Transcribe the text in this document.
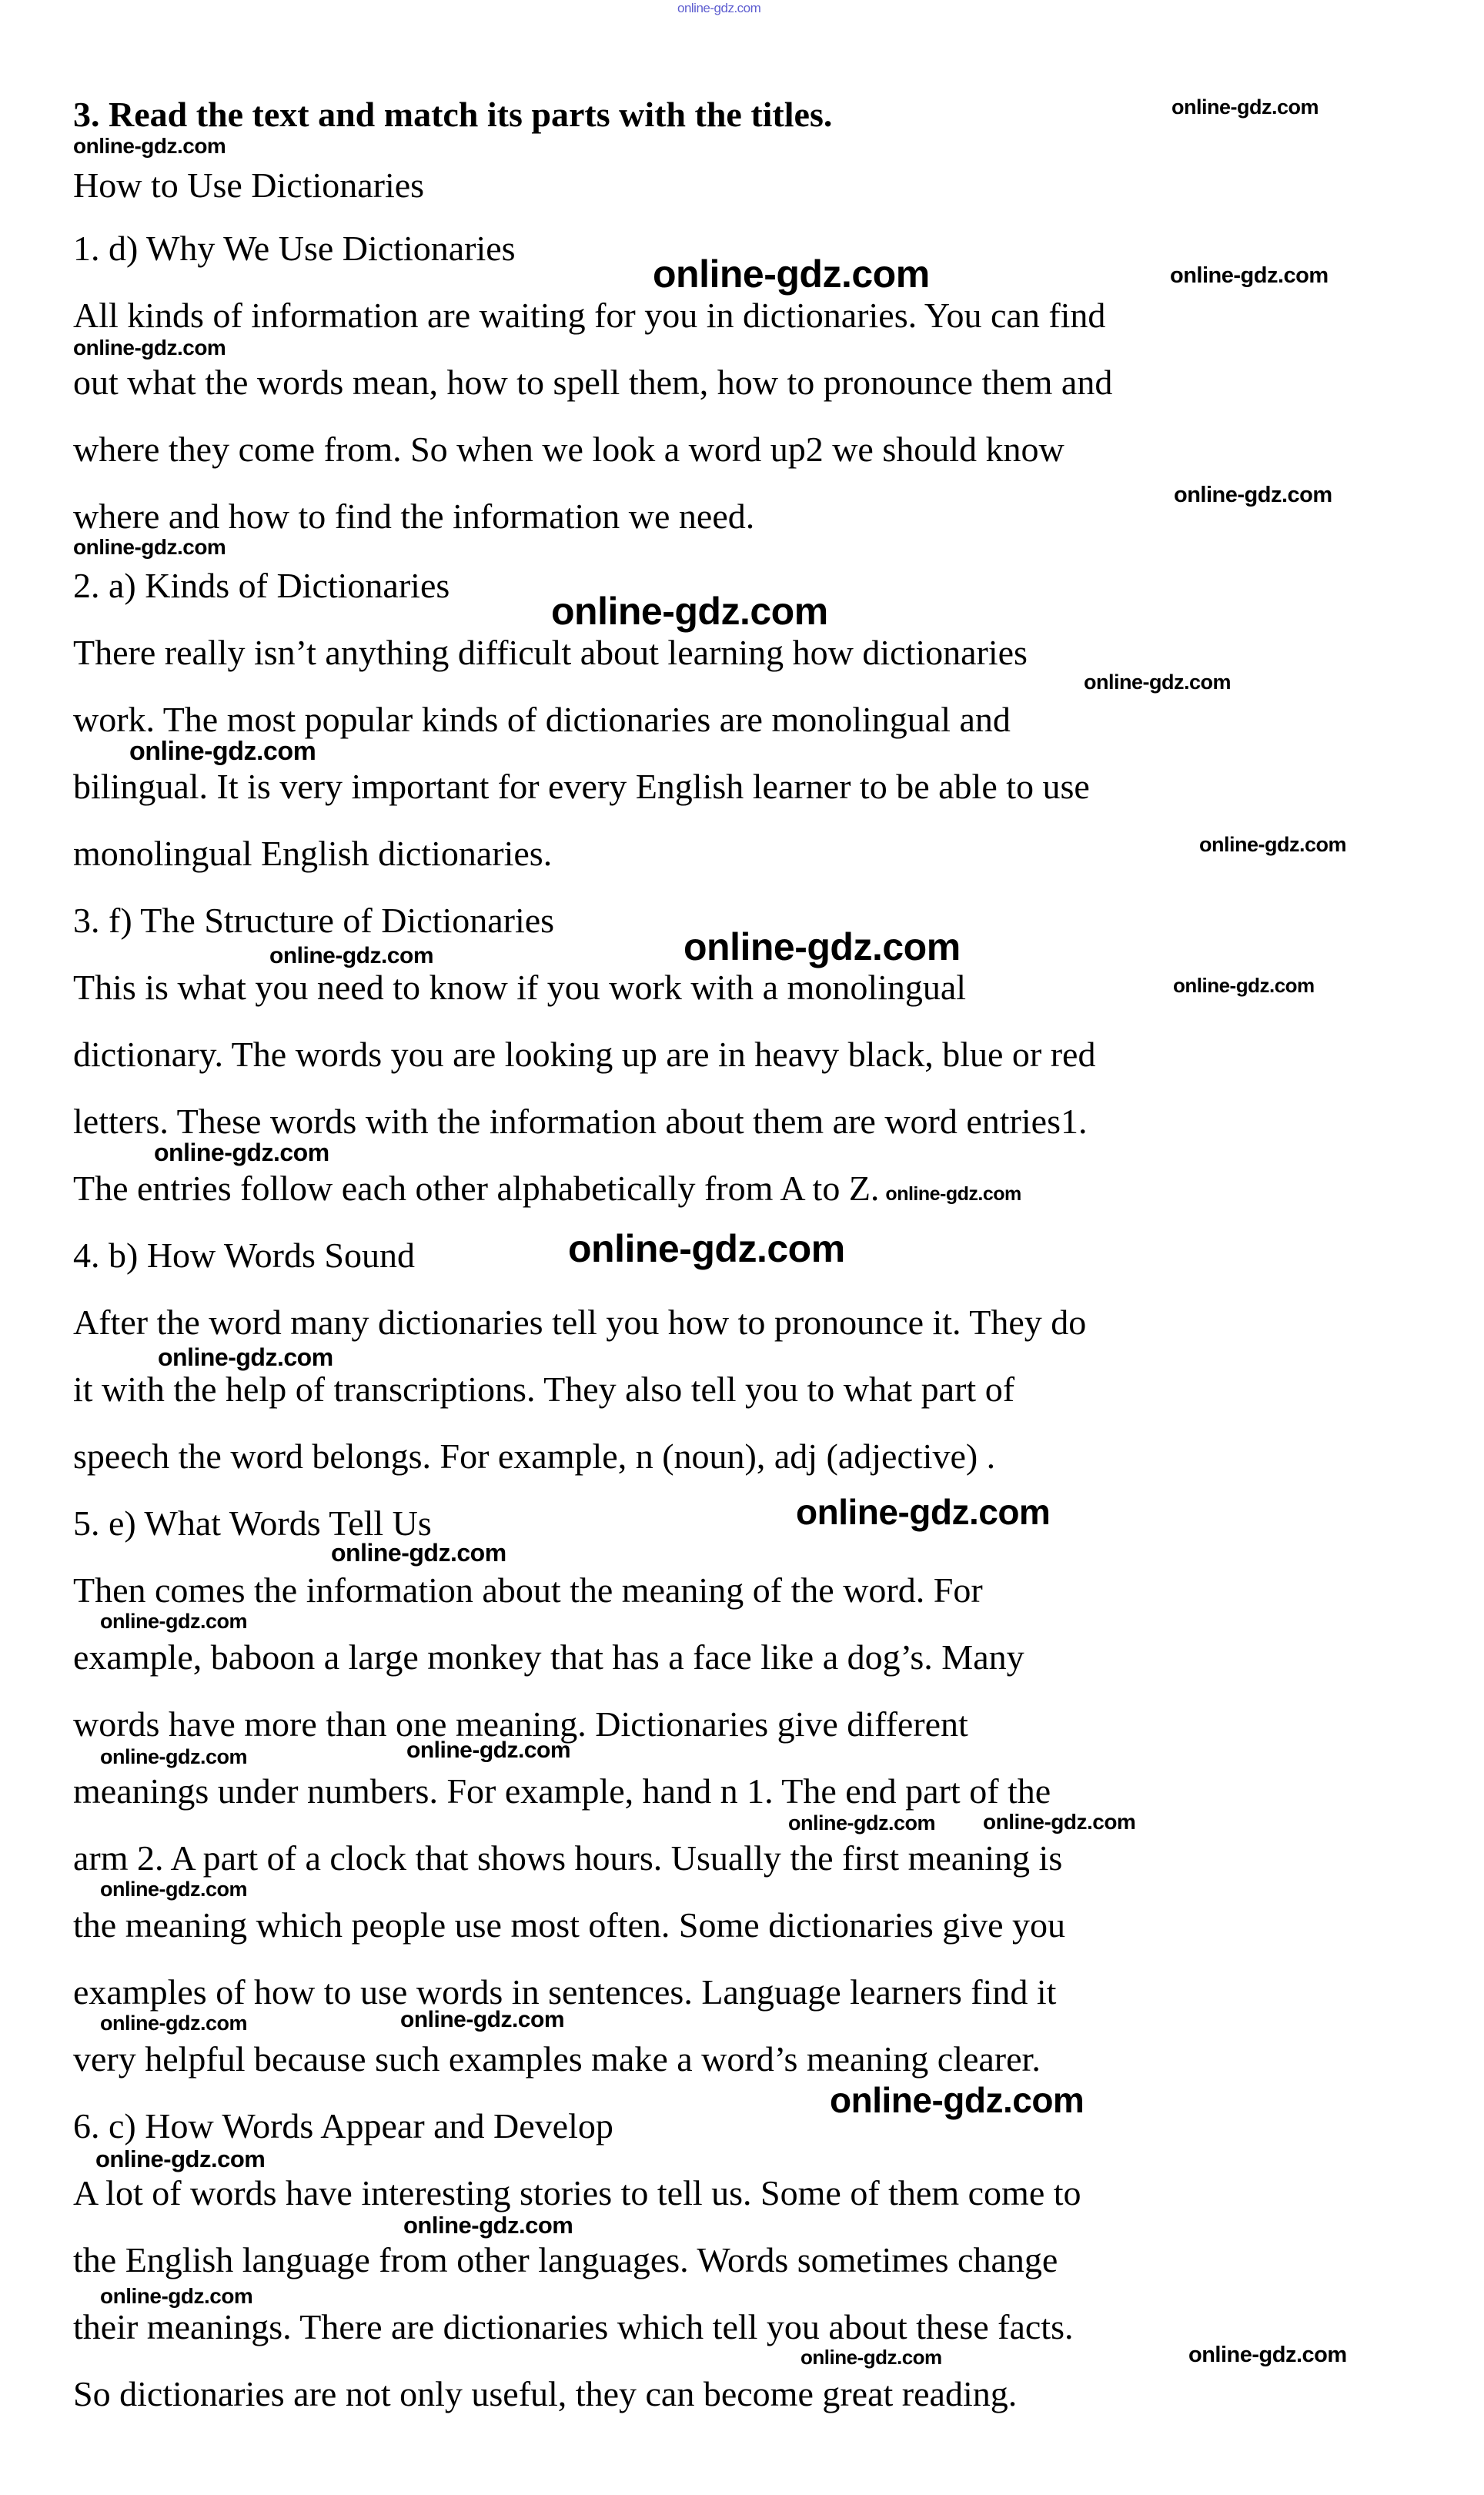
3. Read the text and match its parts with the titles.
How to Use Dictionaries
1. d) Why We Use Dictionaries
All kinds of information are waiting for you in dictionaries. You can find
out what the words mean, how to spell them, how to pronounce them and
where they come from. So when we look a word up2 we should know
where and how to find the information we need.
2. a) Kinds of Dictionaries
There really isn’t anything difficult about learning how dictionaries
work. The most popular kinds of dictionaries are monolingual and
bilingual. It is very important for every English learner to be able to use
monolingual English dictionaries.
3. f) The Structure of Dictionaries
This is what you need to know if you work with a monolingual
dictionary. The words you are looking up are in heavy black, blue or red
letters. These words with the information about them are word entries1.
The entries follow each other alphabetically from A to Z. online-gdz.com
4. b) How Words Sound
After the word many dictionaries tell you how to pronounce it. They do
it with the help of transcriptions. They also tell you to what part of
speech the word belongs. For example, n (noun), adj (adjective) .
5. e) What Words Tell Us
Then comes the information about the meaning of the word. For
example, baboon a large monkey that has a face like a dog’s. Many
words have more than one meaning. Dictionaries give different
meanings under numbers. For example, hand n 1. The end part of the
arm 2. A part of a clock that shows hours. Usually the first meaning is
the meaning which people use most often. Some dictionaries give you
examples of how to use words in sentences. Language learners find it
very helpful because such examples make a word’s meaning clearer.
6. c) How Words Appear and Develop
A lot of words have interesting stories to tell us. Some of them come to
the English language from other languages. Words sometimes change
their meanings. There are dictionaries which tell you about these facts.
So dictionaries are not only useful, they can become great reading.
online-gdz.com
online-gdz.com
online-gdz.com
online-gdz.com	online-gdz.com
online-gdz.com
online-gdz.com
online-gdz.com
online-gdz.com
online-gdz.com
online-gdz.com
online-gdz.com
online-gdz.com	online-gdz.com
online-gdz.com
online-gdz.com
online-gdz.com
online-gdz.com
online-gdz.com
online-gdz.com
online-gdz.com
online-gdz.com	online-gdz.com
online-gdz.com online-gdz.com
online-gdz.com
online-gdz.com	online-gdz.com
online-gdz.com
online-gdz.com
online-gdz.com
online-gdz.com
online-gdz.com	online-gdz.com
